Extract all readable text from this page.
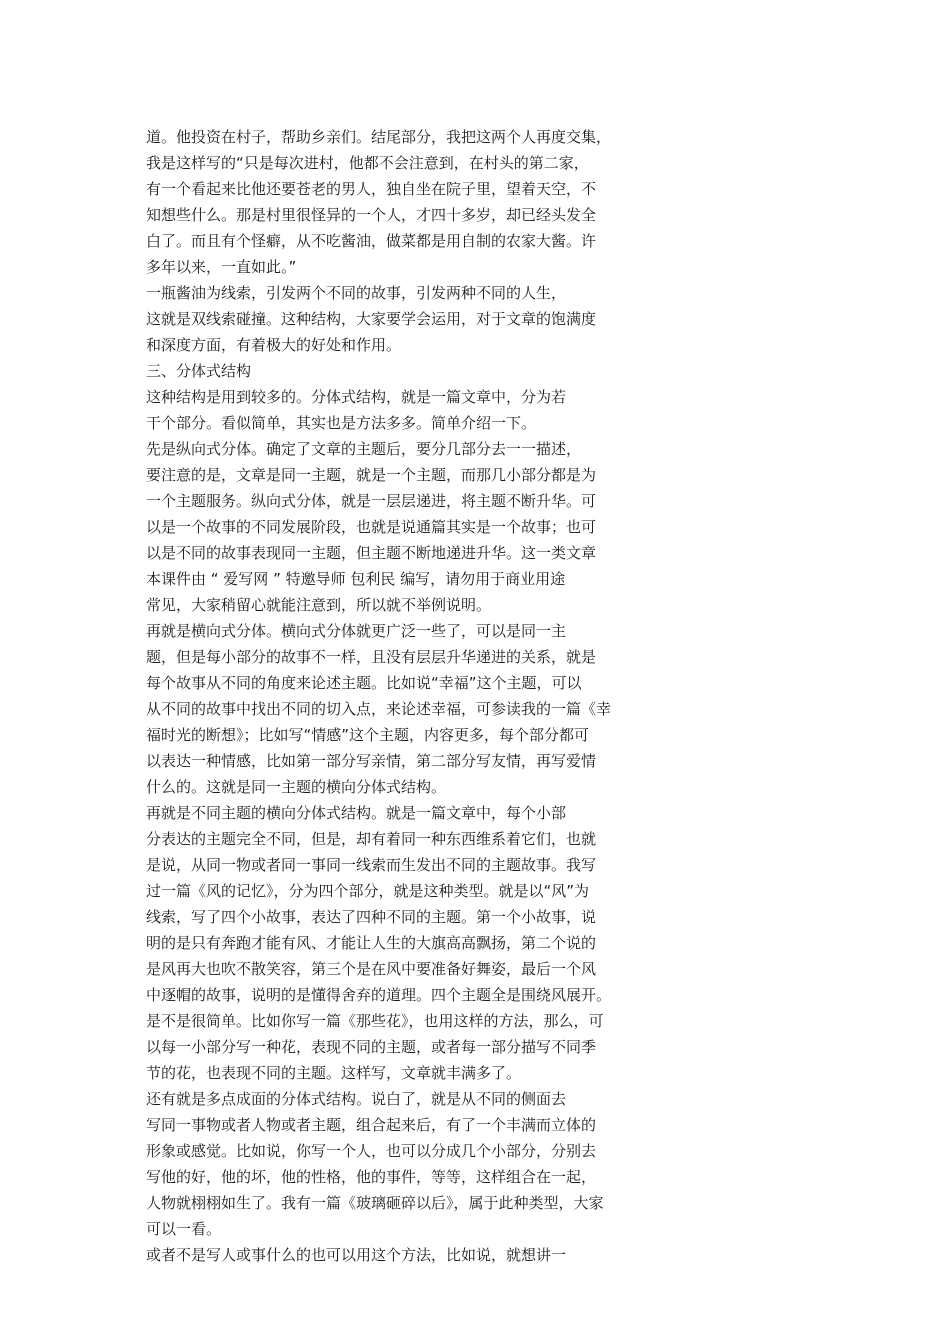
道。他投资在村子，帮助乡亲们。结尾部分，我把这两个人再度交集，
我是这样写的“只是每次进村，他都不会注意到，在村头的第二家，
有一个看起来比他还要苍老的男人，独自坐在院子里，望着天空，不
知想些什么。那是村里很怪异的一个人，才四十多岁，却已经头发全
白了。而且有个怪癖，从不吃酱油，做菜都是用自制的农家大酱。许
多年以来，一直如此。”
一瓶酱油为线索，引发两个不同的故事，引发两种不同的人生，
这就是双线索碰撞。这种结构，大家要学会运用，对于文章的饱满度
和深度方面，有着极大的好处和作用。
三、分体式结构
这种结构是用到较多的。分体式结构，就是一篇文章中，分为若
干个部分。看似简单，其实也是方法多多。简单介绍一下。
先是纵向式分体。确定了文章的主题后，要分几部分去一一描述，
要注意的是，文章是同一主题，就是一个主题，而那几小部分都是为
一个主题服务。纵向式分体，就是一层层递进，将主题不断升华。可
以是一个故事的不同发展阶段，也就是说通篇其实是一个故事；也可
以是不同的故事表现同一主题，但主题不断地递进升华。这一类文章
本课件由 “ 爱写网 ” 特邀导师 包利民 编写，请勿用于商业用途
常见，大家稍留心就能注意到，所以就不举例说明。
再就是横向式分体。横向式分体就更广泛一些了，可以是同一主
题，但是每小部分的故事不一样，且没有层层升华递进的关系，就是
每个故事从不同的角度来论述主题。比如说“幸福”这个主题，可以
从不同的故事中找出不同的切入点，来论述幸福，可参读我的一篇《幸
福时光的断想》；比如写“情感”这个主题，内容更多，每个部分都可
以表达一种情感，比如第一部分写亲情，第二部分写友情，再写爱情
什么的。这就是同一主题的横向分体式结构。
再就是不同主题的横向分体式结构。就是一篇文章中，每个小部
分表达的主题完全不同，但是，却有着同一种东西维系着它们，也就
是说，从同一物或者同一事同一线索而生发出不同的主题故事。我写
过一篇《风的记忆》，分为四个部分，就是这种类型。就是以“风”为
线索，写了四个小故事，表达了四种不同的主题。第一个小故事，说
明的是只有奔跑才能有风、才能让人生的大旗高高飘扬，第二个说的
是风再大也吹不散笑容，第三个是在风中要准备好舞姿，最后一个风
中逐帽的故事，说明的是懂得舍弃的道理。四个主题全是围绕风展开。
是不是很简单。比如你写一篇《那些花》，也用这样的方法，那么，可
以每一小部分写一种花，表现不同的主题，或者每一部分描写不同季
节的花，也表现不同的主题。这样写，文章就丰满多了。
还有就是多点成面的分体式结构。说白了，就是从不同的侧面去
写同一事物或者人物或者主题，组合起来后，有了一个丰满而立体的
形象或感觉。比如说，你写一个人，也可以分成几个小部分，分别去
写他的好，他的坏，他的性格，他的事件，等等，这样组合在一起，
人物就栩栩如生了。我有一篇《玻璃砸碎以后》，属于此种类型，大家
可以一看。
或者不是写人或事什么的也可以用这个方法，比如说，就想讲一
